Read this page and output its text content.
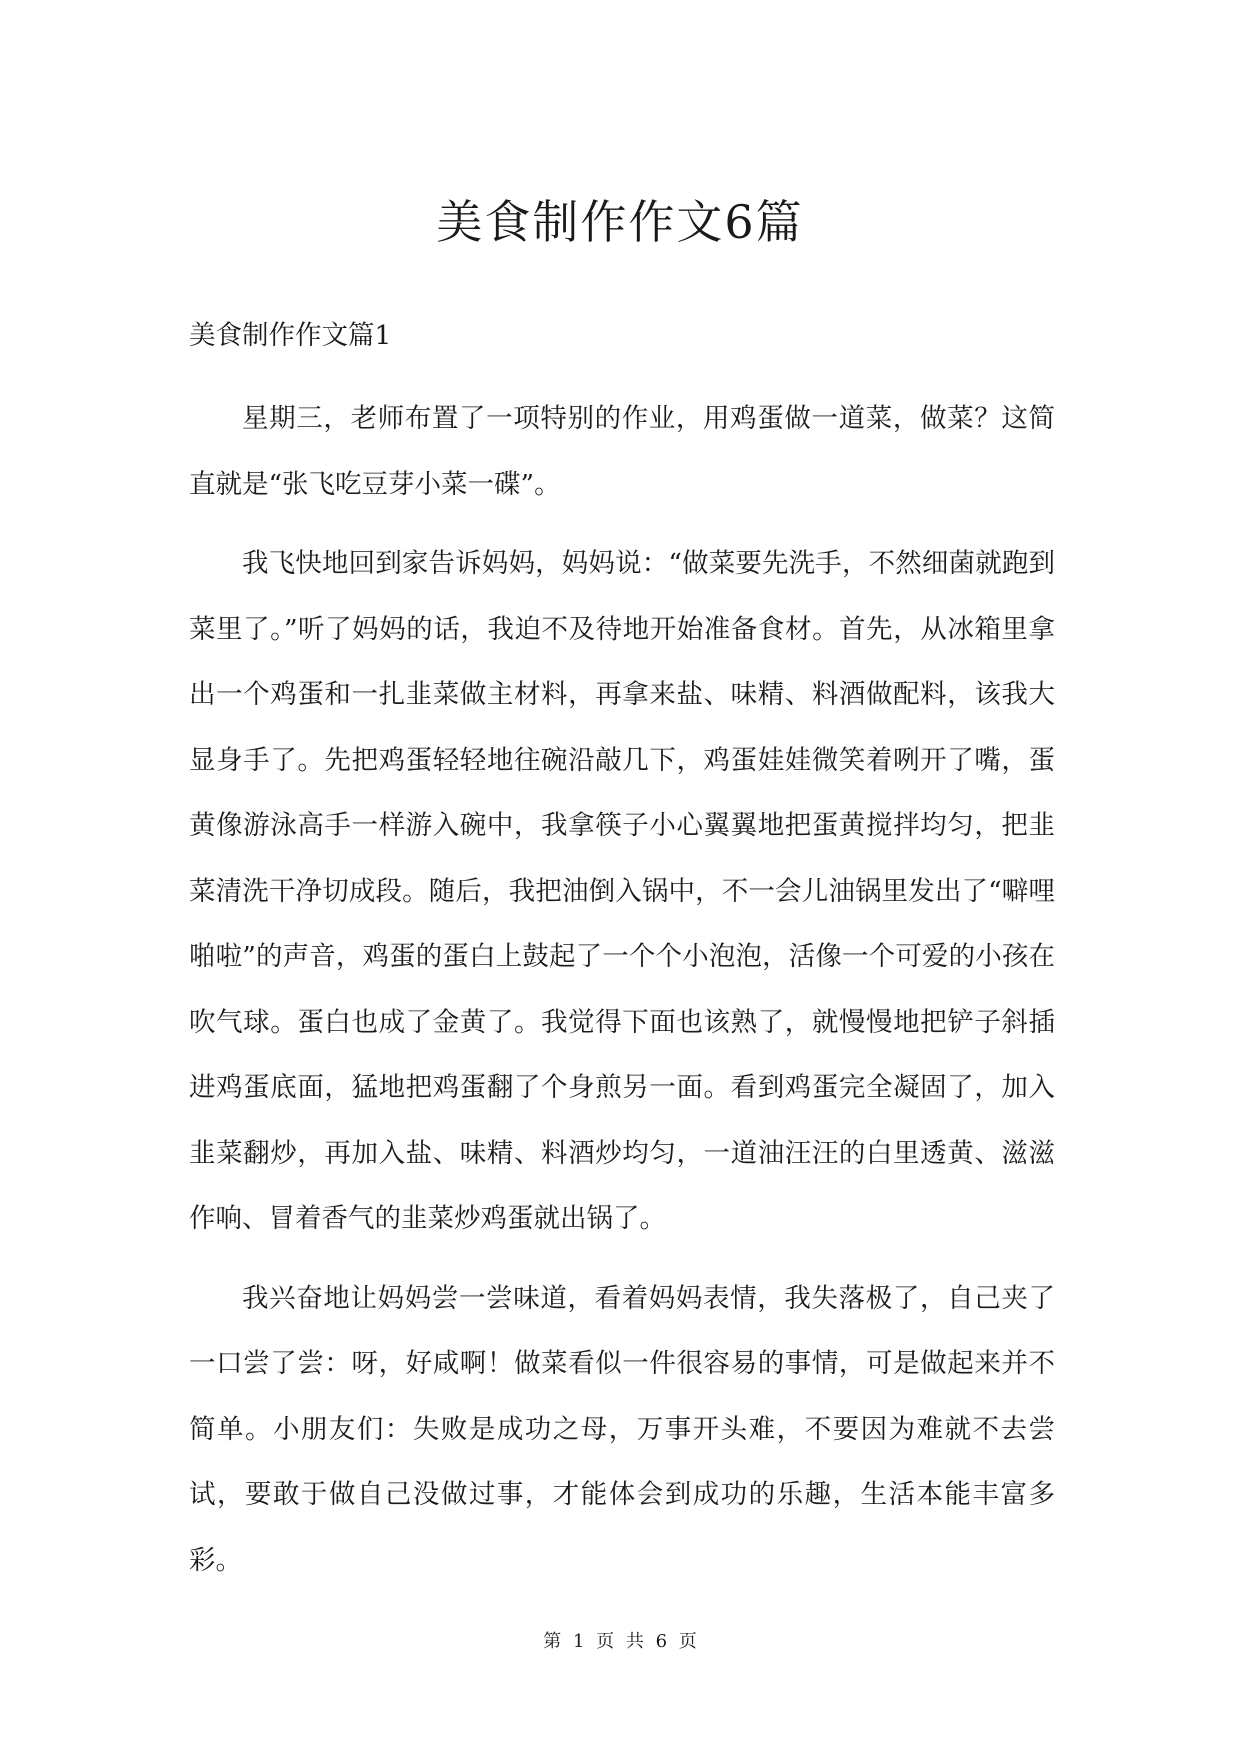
美食制作作文6篇

美食制作作文篇1

星期三，老师布置了一项特别的作业，用鸡蛋做一道菜，做菜？这简直就是“张飞吃豆芽小菜一碟”。

我飞快地回到家告诉妈妈，妈妈说：“做菜要先洗手，不然细菌就跑到菜里了。”听了妈妈的话，我迫不及待地开始准备食材。首先，从冰箱里拿出一个鸡蛋和一扎韭菜做主材料，再拿来盐、味精、料酒做配料，该我大显身手了。先把鸡蛋轻轻地往碗沿敲几下，鸡蛋娃娃微笑着咧开了嘴，蛋黄像游泳高手一样游入碗中，我拿筷子小心翼翼地把蛋黄搅拌均匀，把韭菜清洗干净切成段。随后，我把油倒入锅中，不一会儿油锅里发出了“噼哩啪啦”的声音，鸡蛋的蛋白上鼓起了一个个小泡泡，活像一个可爱的小孩在吹气球。蛋白也成了金黄了。我觉得下面也该熟了，就慢慢地把铲子斜插进鸡蛋底面，猛地把鸡蛋翻了个身煎另一面。看到鸡蛋完全凝固了，加入韭菜翻炒，再加入盐、味精、料酒炒均匀，一道油汪汪的白里透黄、滋滋作响、冒着香气的韭菜炒鸡蛋就出锅了。

我兴奋地让妈妈尝一尝味道，看着妈妈表情，我失落极了，自己夹了一口尝了尝：呀，好咸啊！做菜看似一件很容易的事情，可是做起来并不简单。小朋友们：失败是成功之母，万事开头难，不要因为难就不去尝试，要敢于做自己没做过事，才能体会到成功的乐趣，生活本能丰富多彩。

第 1 页 共 6 页
